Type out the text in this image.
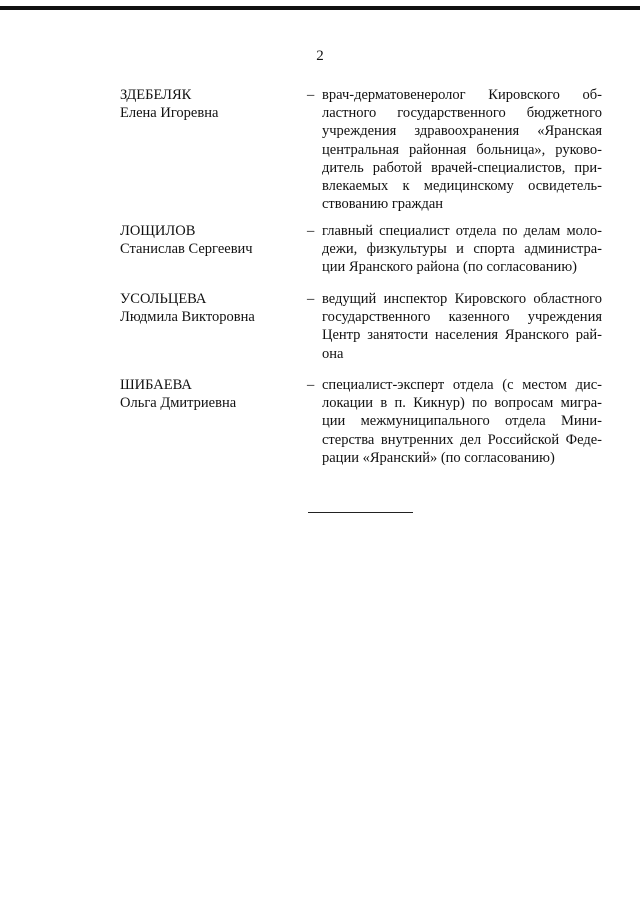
2
ЗДЕБЕЛЯК
Елена Игоревна
– врач-дерматовенеролог Кировского об-
ластного государственного бюджетного
учреждения здравоохранения «Яранская
центральная районная больница», руково-
дитель работой врачей-специалистов, при-
влекаемых к медицинскому освидетель-
ствованию граждан
ЛОЩИЛОВ
Станислав Сергеевич
– главный специалист отдела по делам моло-
дежи, физкультуры и спорта администра-
ции Яранского района (по согласованию)
УСОЛЬЦЕВА
Людмила Викторовна
– ведущий инспектор Кировского областного
государственного казенного учреждения
Центр занятости населения Яранского рай-
она
ШИБАЕВА
Ольга Дмитриевна
– специалист-эксперт отдела (с местом дис-
локации в п. Кикнур) по вопросам мигра-
ции межмуниципального отдела Мини-
стерства внутренних дел Российской Феде-
рации «Яранский» (по согласованию)
